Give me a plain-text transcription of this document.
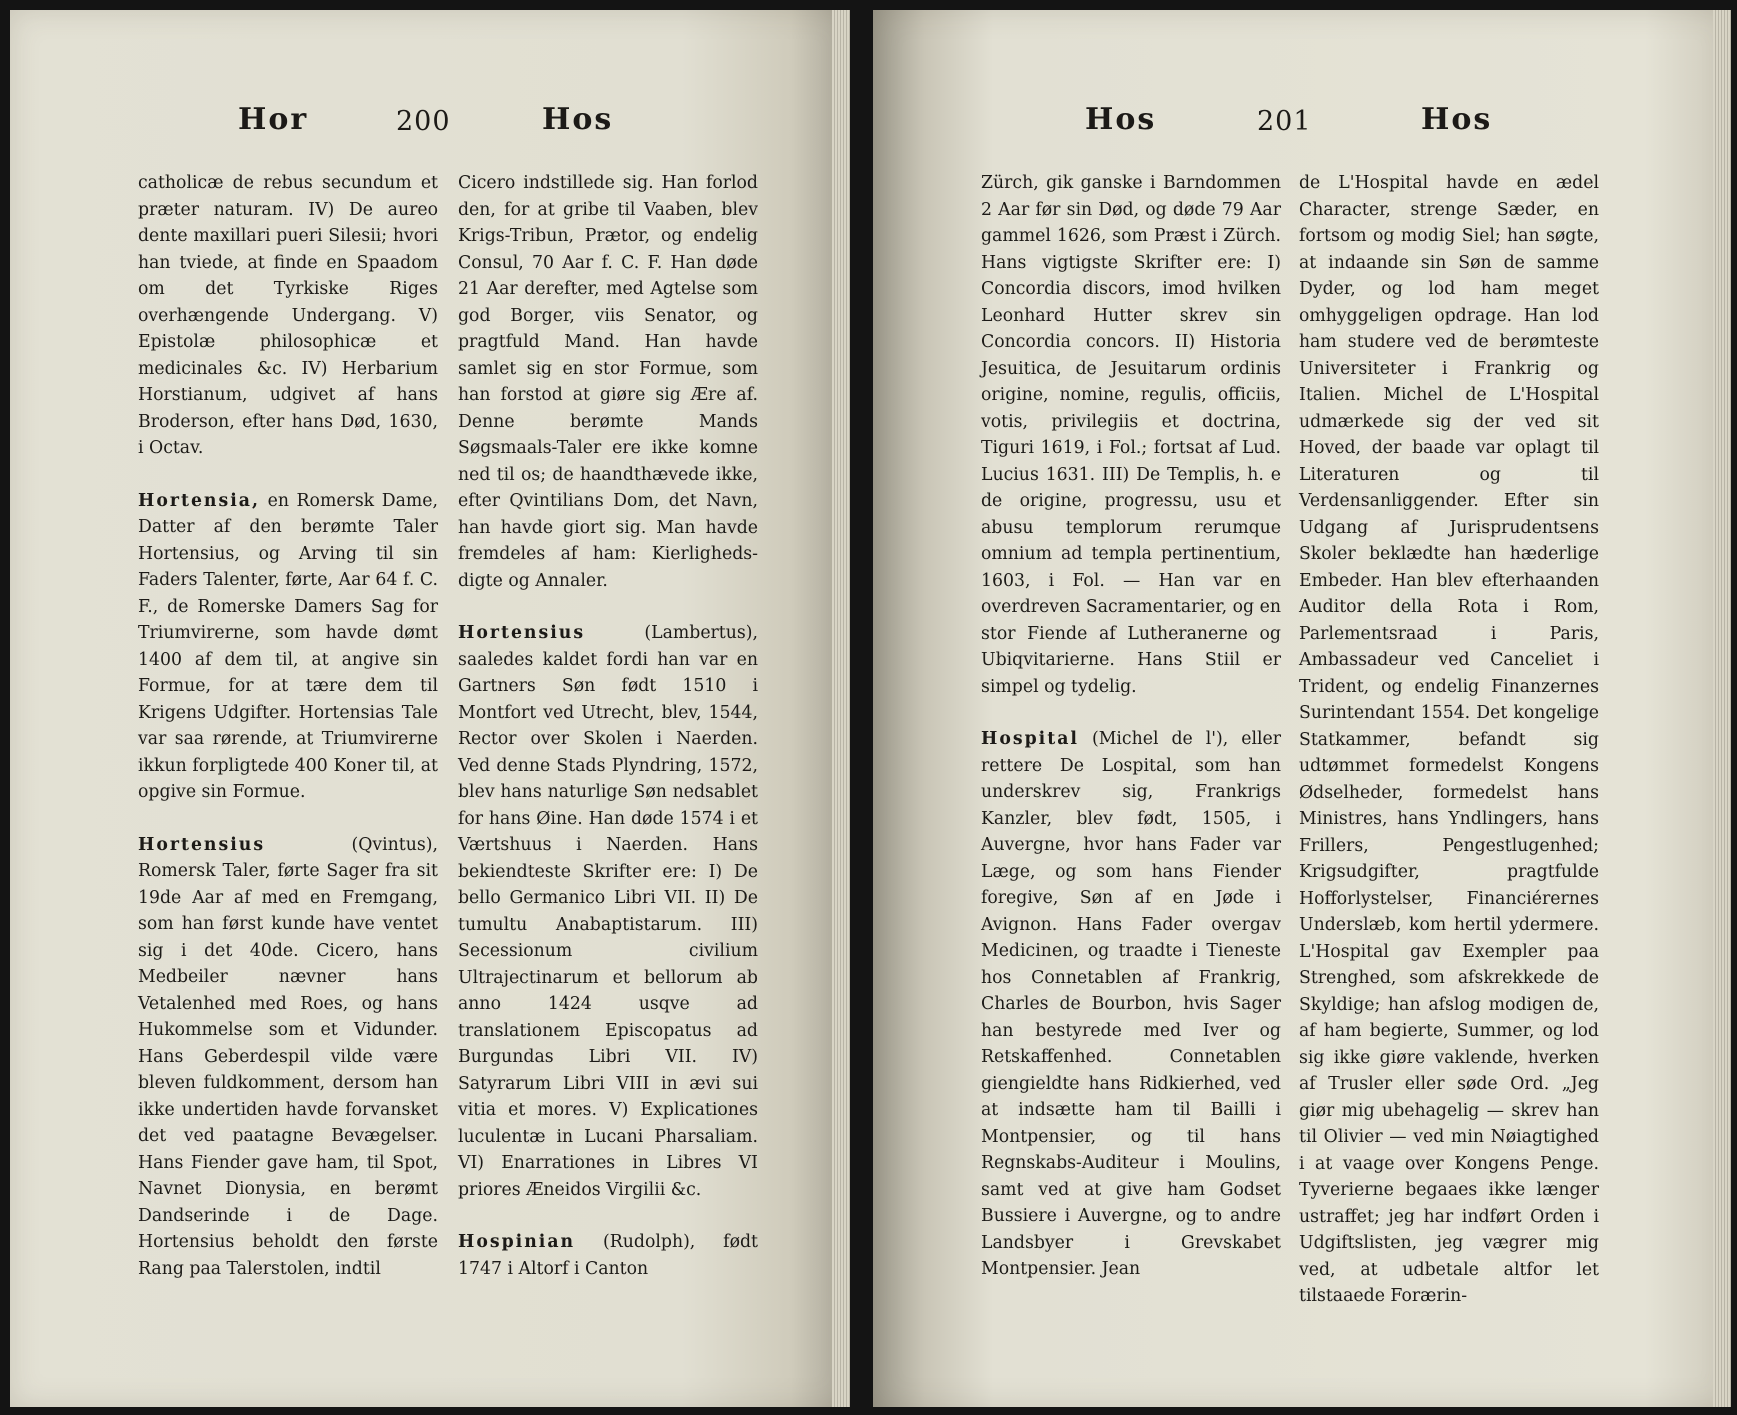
Hor	200	Hos

catholicæ de rebus secundum et præter naturam. IV) De aureo dente maxillari pueri Silesii; hvori han tviede, at finde en Spaadom om det Tyrkiske Riges overhængende Undergang. V) Epistolæ philosophicæ et medicinales &c. IV) Herbarium Horstianum, udgivet af hans Broderson, efter hans Død, 1630, i Octav.

Hortensia, en Romersk Dame, Datter af den berømte Taler Hortensius, og Arving til sin Faders Talenter, førte, Aar 64 f. C. F., de Romerske Damers Sag for Triumvirerne, som havde dømt 1400 af dem til, at angive sin Formue, for at tære dem til Krigens Udgifter. Hortensias Tale var saa rørende, at Triumvirerne ikkun forpligtede 400 Koner til, at opgive sin Formue.

Hortensius (Qvintus), Romersk Taler, førte Sager fra sit 19de Aar af med en Fremgang, som han først kunde have ventet sig i det 40de. Cicero, hans Medbeiler nævner hans Vetalenhed med Roes, og hans Hukommelse som et Vidunder. Hans Geberdespil vilde være bleven fuldkomment, dersom han ikke undertiden havde forvansket det ved paatagne Bevægelser. Hans Fiender gave ham, til Spot, Navnet Dionysia, en berømt Dandserinde i de Dage. Hortensius beholdt den første Rang paa Talerstolen, indtil

Cicero indstillede sig. Han forlod den, for at gribe til Vaaben, blev Krigs-Tribun, Prætor, og endelig Consul, 70 Aar f. C. F. Han døde 21 Aar derefter, med Agtelse som god Borger, viis Senator, og pragtfuld Mand. Han havde samlet sig en stor Formue, som han forstod at giøre sig Ære af. Denne berømte Mands Søgsmaals-Taler ere ikke komne ned til os; de haandthævede ikke, efter Qvintilians Dom, det Navn, han havde giort sig. Man havde fremdeles af ham: Kierligheds-digte og Annaler.

Hortensius (Lambertus), saaledes kaldet fordi han var en Gartners Søn født 1510 i Montfort ved Utrecht, blev, 1544, Rector over Skolen i Naerden. Ved denne Stads Plyndring, 1572, blev hans naturlige Søn nedsablet for hans Øine. Han døde 1574 i et Værtshuus i Naerden. Hans bekiendteste Skrifter ere: I) De bello Germanico Libri VII. II) De tumultu Anabaptistarum. III) Secessionum civilium Ultrajectinarum et bellorum ab anno 1424 usqve ad translationem Episcopatus ad Burgundas Libri VII. IV) Satyrarum Libri VIII in ævi sui vitia et mores. V) Explicationes luculentæ in Lucani Pharsaliam. VI) Enarrationes in Libres VI priores Æneidos Virgilii &c.

Hospinian (Rudolph), født 1747 i Altorf i Canton

Hos	201	Hos

Zürch, gik ganske i Barndommen 2 Aar før sin Død, og døde 79 Aar gammel 1626, som Præst i Zürch. Hans vigtigste Skrifter ere: I) Concordia discors, imod hvilken Leonhard Hutter skrev sin Concordia concors. II) Historia Jesuitica, de Jesuitarum ordinis origine, nomine, regulis, officiis, votis, privilegiis et doctrina, Tiguri 1619, i Fol.; fortsat af Lud. Lucius 1631. III) De Templis, h. e de origine, progressu, usu et abusu templorum rerumque omnium ad templa pertinentium, 1603, i Fol. — Han var en overdreven Sacramentarier, og en stor Fiende af Lutheranerne og Ubiqvitarierne. Hans Stiil er simpel og tydelig.

Hospital (Michel de l'), eller rettere De Lospital, som han underskrev sig, Frankrigs Kanzler, blev født, 1505, i Auvergne, hvor hans Fader var Læge, og som hans Fiender foregive, Søn af en Jøde i Avignon. Hans Fader overgav Medicinen, og traadte i Tieneste hos Connetablen af Frankrig, Charles de Bourbon, hvis Sager han bestyrede med Iver og Retskaffenhed. Connetablen giengieldte hans Ridkierhed, ved at indsætte ham til Bailli i Montpensier, og til hans Regnskabs-Auditeur i Moulins, samt ved at give ham Godset Bussiere i Auvergne, og to andre Landsbyer i Grevskabet Montpensier. Jean

de L'Hospital havde en ædel Character, strenge Sæder, en fortsom og modig Siel; han søgte, at indaande sin Søn de samme Dyder, og lod ham meget omhyggeligen opdrage. Han lod ham studere ved de berømteste Universiteter i Frankrig og Italien. Michel de L'Hospital udmærkede sig der ved sit Hoved, der baade var oplagt til Literaturen og til Verdensanliggender. Efter sin Udgang af Jurisprudentsens Skoler beklædte han hæderlige Embeder. Han blev efterhaanden Auditor della Rota i Rom, Parlementsraad i Paris, Ambassadeur ved Canceliet i Trident, og endelig Finanzernes Surintendant 1554. Det kongelige Statkammer, befandt sig udtømmet formedelst Kongens Ødselheder, formedelst hans Ministres, hans Yndlingers, hans Frillers, Pengestlugenhed; Krigsudgifter, pragtfulde Hofforlystelser, Financiérernes Underslæb, kom hertil ydermere. L'Hospital gav Exempler paa Strenghed, som afskrekkede de Skyldige; han afslog modigen de, af ham begierte, Summer, og lod sig ikke giøre vaklende, hverken af Trusler eller søde Ord. „Jeg giør mig ubehagelig — skrev han til Olivier — ved min Nøiagtighed i at vaage over Kongens Penge. Tyverierne begaaes ikke længer ustraffet; jeg har indført Orden i Udgiftslisten, jeg vægrer mig ved, at udbetale altfor let tilstaaede Forærin-
